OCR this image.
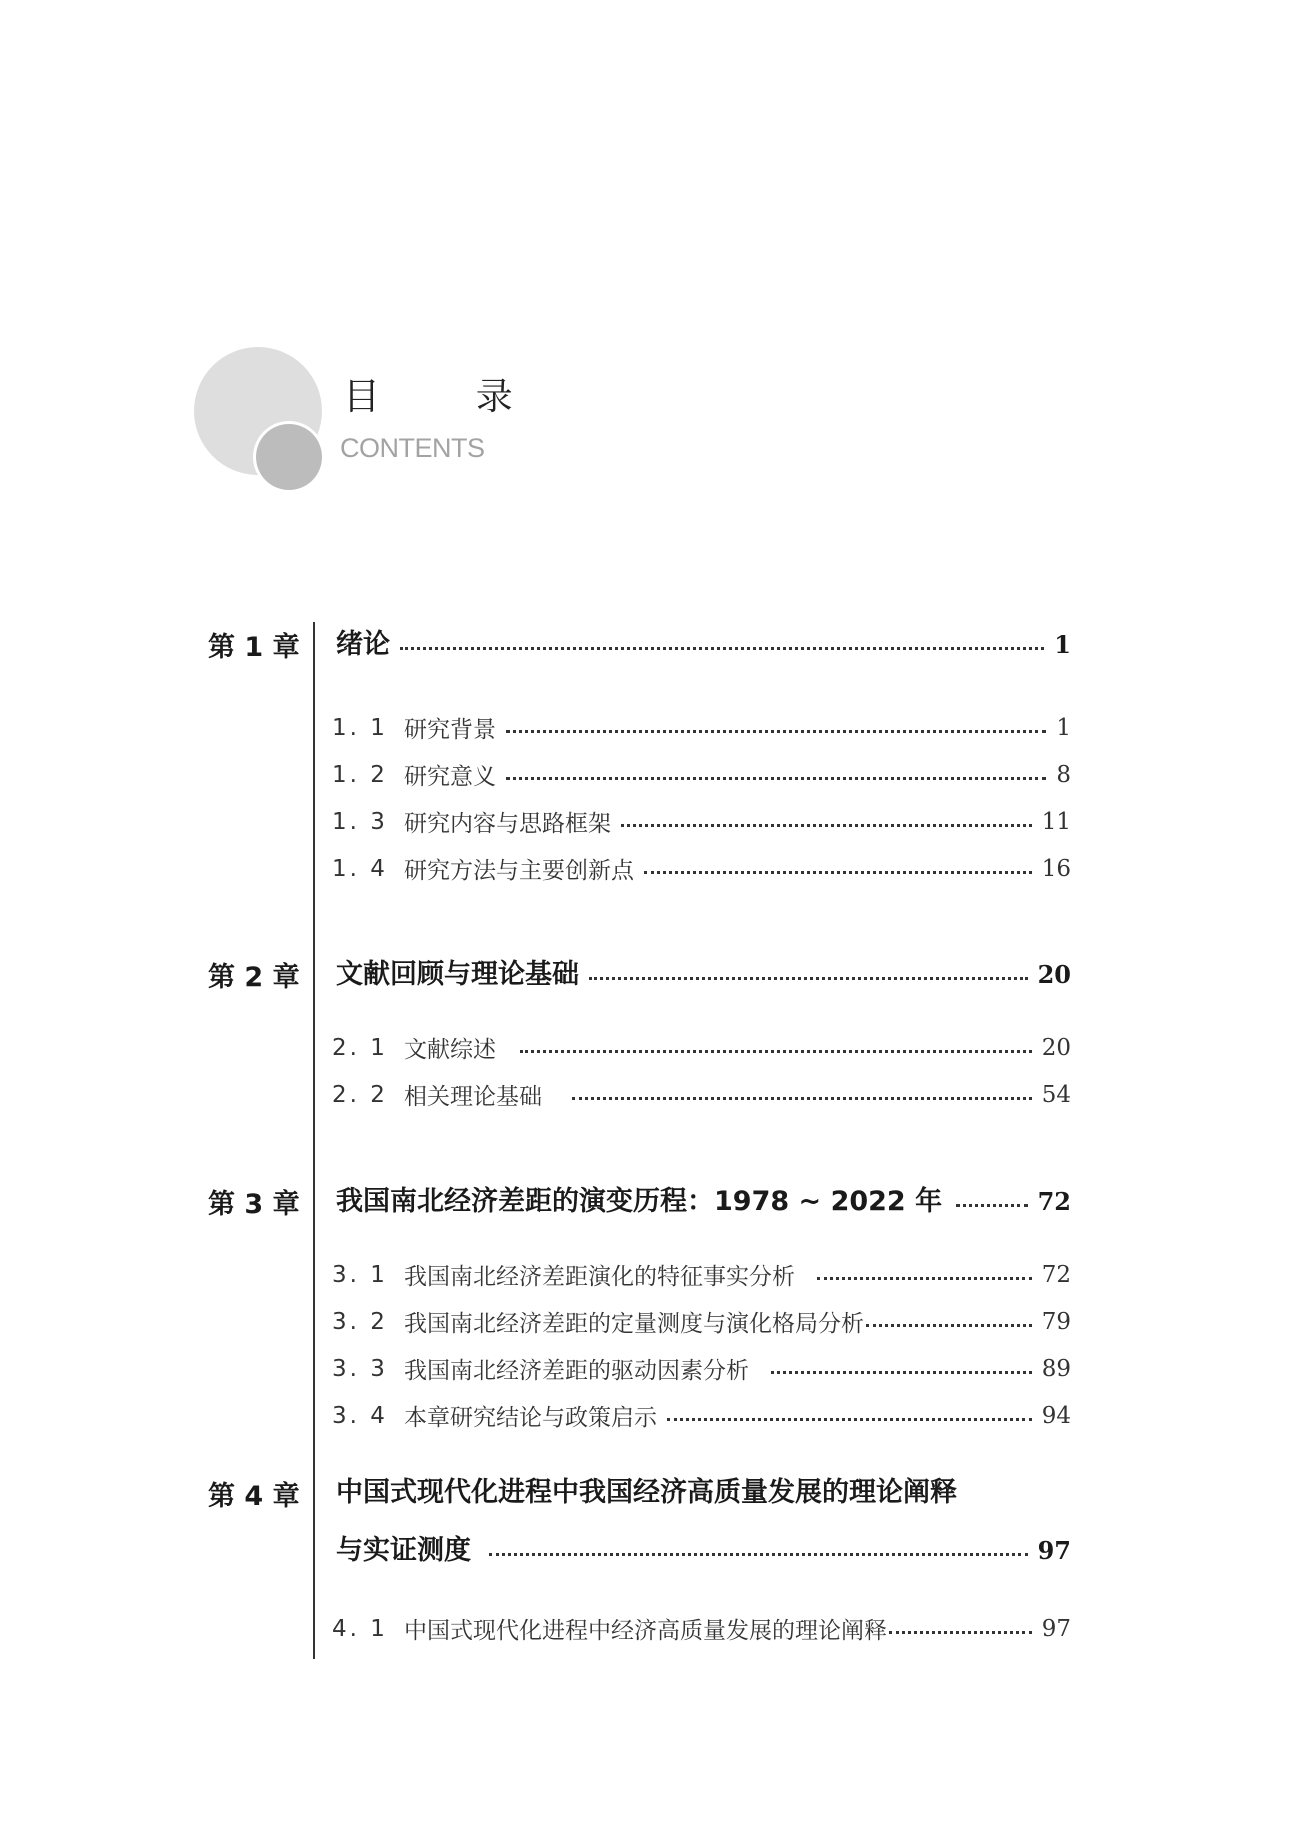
目 录
CONTENTS
第 1 章 绪论	1
1. 1 研究背景	1
1. 2 研究意义	8
1. 3 研究内容与思路框架	11
1. 4 研究方法与主要创新点	16
第 2 章 文献回顾与理论基础	20
2. 1 文献综述	20
2. 2 相关理论基础	54
第 3 章 我国南北经济差距的演变历程：1978 ~ 2022 年	72
3. 1 我国南北经济差距演化的特征事实分析	72
3. 2 我国南北经济差距的定量测度与演化格局分析	79
3. 3 我国南北经济差距的驱动因素分析	89
3. 4 本章研究结论与政策启示	94
第 4 章 中国式现代化进程中我国经济高质量发展的理论阐释
与实证测度	97
4. 1 中国式现代化进程中经济高质量发展的理论阐释	97
